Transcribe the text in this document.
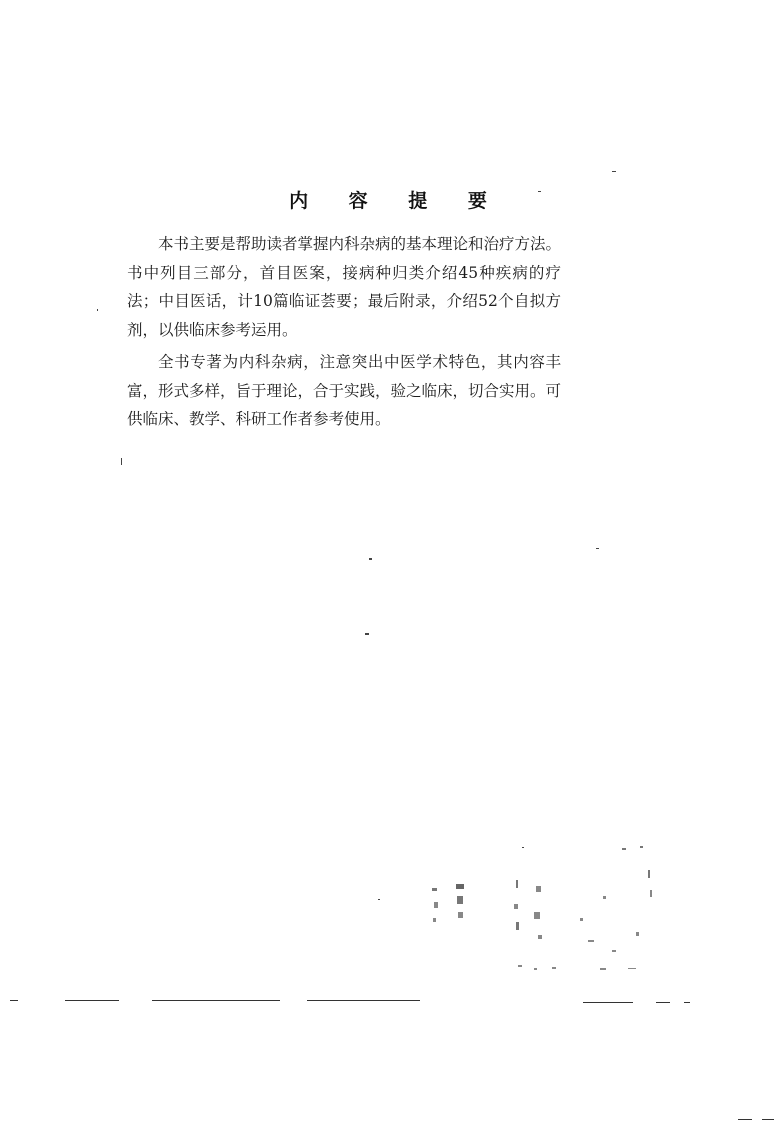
内 容 提 要

本书主要是帮助读者掌握内科杂病的基本理论和治疗方法。书中列目三部分，首目医案，接病种归类介绍45种疾病的疗法；中目医话，计10篇临证荟要；最后附录，介绍52个自拟方剂，以供临床参考运用。

全书专著为内科杂病，注意突出中医学术特色，其内容丰富，形式多样，旨于理论，合于实践，验之临床，切合实用。可供临床、教学、科研工作者参考使用。
